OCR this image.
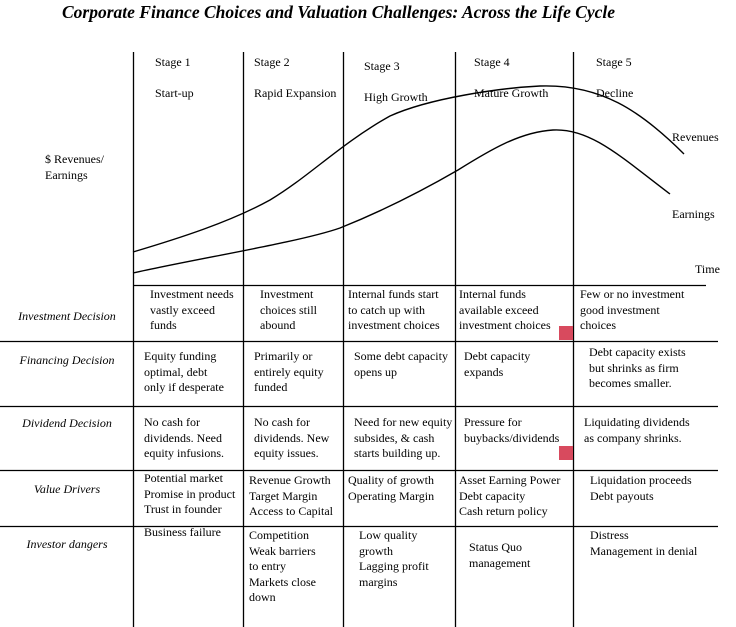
Corporate Finance Choices and Valuation Challenges: Across the Life Cycle
$ Revenues/
Earnings
Time
Revenues
Earnings

Stage 1

Start-up

Stage 2

Rapid Expansion

Stage 3

High Growth

Stage 4

Mature Growth

Stage 5

Decline

Investment Decision
Financing Decision
Dividend Decision
Value Drivers
Investor dangers
Investment needs
vastly exceed
funds
Investment
choices still
abound
Internal funds start
to catch up with
investment choices
Internal funds
available exceed
investment choices
Few or no investment
good investment
choices
Equity funding
optimal, debt
only if desperate
Primarily or
entirely equity
funded
Some debt capacity
opens up
Debt capacity
expands
Debt capacity exists
but shrinks as firm
becomes smaller.
No cash for
dividends. Need
equity infusions.
No cash for
dividends. New
equity issues.
Need for new equity
subsides, & cash
starts building up.
Pressure for
buybacks/dividends
Liquidating dividends
as company shrinks.
Potential market
Promise in product
Trust in founder
Revenue Growth
Target Margin
Access to Capital
Quality of growth
Operating Margin
Asset Earning Power
Debt capacity
Cash return policy
Liquidation proceeds
Debt payouts
Business failure Competition
Weak barriers
to entry
Markets close
down
Low quality
growth
Lagging profit
margins
Status Quo
management
Distress
Management in denial
